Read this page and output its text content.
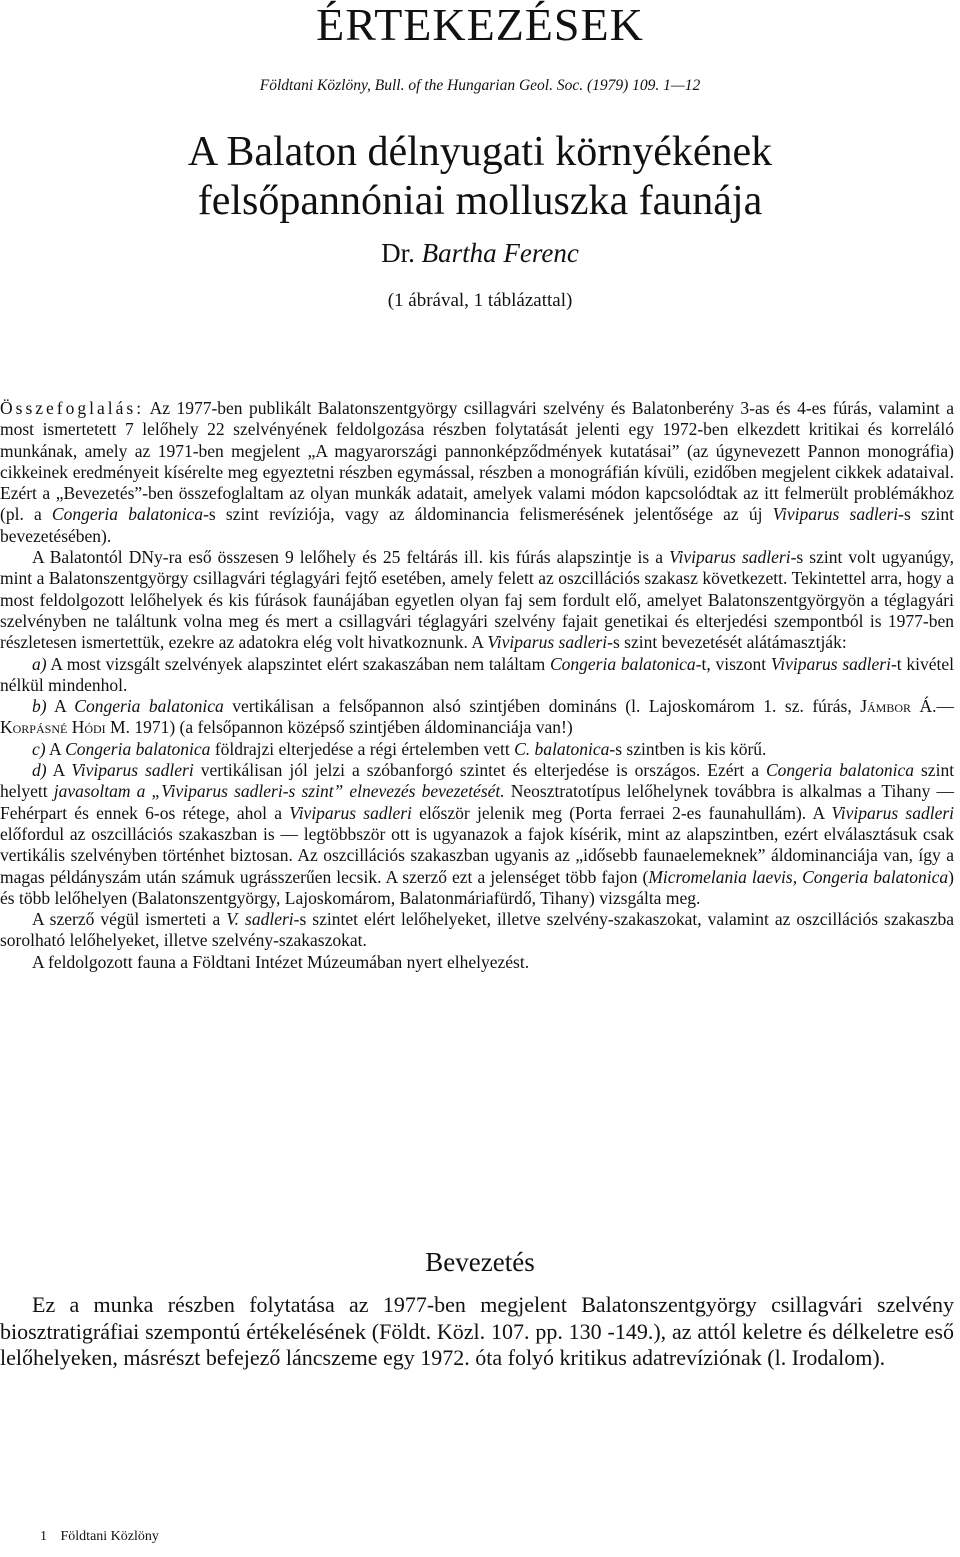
ÉRTEKEZÉSEK
Földtani Közlöny, Bull. of the Hungarian Geol. Soc. (1979) 109. 1—12
A Balaton délnyugati környékének
felsőpannóniai molluszka faunája
Dr. Bartha Ferenc
(1 ábrával, 1 táblázattal)

Összefoglalás: Az 1977-ben publikált Balatonszentgyörgy csillagvári szelvény és Balatonberény 3-as és 4-es fúrás, valamint a most ismertetett 7 lelőhely 22 szelvényének feldolgozása részben folytatását jelenti egy 1972-ben elkezdett kritikai és korreláló munkának, amely az 1971-ben megjelent „A magyarországi pannonképződmények kutatásai” (az úgynevezett Pannon monográfia) cikkeinek eredményeit kísérelte meg egyeztetni részben egymással, részben a monográfián kívüli, ezidőben megjelent cikkek adataival. Ezért a „Bevezetés”-ben összefoglaltam az olyan munkák adatait, amelyek valami módon kapcsolódtak az itt felmerült problémákhoz (pl. a Congeria balatonica-s szint revíziója, vagy az áldominancia felismerésének jelentősége az új Viviparus sadleri-s szint bevezetésében).

A Balatontól DNy-ra eső összesen 9 lelőhely és 25 feltárás ill. kis fúrás alapszintje is a Viviparus sadleri-s szint volt ugyanúgy, mint a Balatonszentgyörgy csillagvári téglagyári fejtő esetében, amely felett az oszcillációs szakasz következett. Tekintettel arra, hogy a most feldolgozott lelőhelyek és kis fúrások faunájában egyetlen olyan faj sem fordult elő, amelyet Balatonszentgyörgyön a téglagyári szelvényben ne találtunk volna meg és mert a csillagvári téglagyári szelvény fajait genetikai és elterjedési szempontból is 1977-ben részletesen ismertettük, ezekre az adatokra elég volt hivatkoznunk. A Viviparus sadleri-s szint bevezetését alátámasztják:

a) A most vizsgált szelvények alapszintet elért szakaszában nem találtam Congeria balatonica-t, viszont Viviparus sadleri-t kivétel nélkül mindenhol.

b) A Congeria balatonica vertikálisan a felsőpannon alsó szintjében domináns (l. Lajoskomárom 1. sz. fúrás, Jámbor Á.—Korpásné Hódi M. 1971) (a felsőpannon középső szintjében áldominanciája van!)

c) A Congeria balatonica földrajzi elterjedése a régi értelemben vett C. balatonica-s szintben is kis körű.

d) A Viviparus sadleri vertikálisan jól jelzi a szóbanforgó szintet és elterjedése is országos. Ezért a Congeria balatonica szint helyett javasoltam a „Viviparus sadleri-s szint” elnevezés bevezetését. Neosztratotípus lelőhelynek továbbra is alkalmas a Tihany —Fehérpart és ennek 6-os rétege, ahol a Viviparus sadleri először jelenik meg (Porta ferraei 2-es faunahullám). A Viviparus sadleri előfordul az oszcillációs szakaszban is — legtöbbször ott is ugyanazok a fajok kísérik, mint az alapszintben, ezért elválasztásuk csak vertikális szelvényben történhet biztosan. Az oszcillációs szakaszban ugyanis az „idősebb faunaelemeknek” áldominanciája van, így a magas példányszám után számuk ugrásszerűen lecsik. A szerző ezt a jelenséget több fajon (Micromelania laevis, Congeria balatonica) és több lelőhelyen (Balatonszentgyörgy, Lajoskomárom, Balatonmáriafürdő, Tihany) vizsgálta meg.

A szerző végül ismerteti a V. sadleri-s szintet elért lelőhelyeket, illetve szelvény-szakaszokat, valamint az oszcillációs szakaszba sorolható lelőhelyeket, illetve szelvény-szakaszokat.

A feldolgozott fauna a Földtani Intézet Múzeumában nyert elhelyezést.

Bevezetés

Ez a munka részben folytatása az 1977-ben megjelent Balatonszentgyörgy csillagvári szelvény biosztratigráfiai szempontú értékelésének (Földt. Közl. 107. pp. 130 -149.), az attól keletre és délkeletre eső lelőhelyeken, másrészt befejező láncszeme egy 1972. óta folyó kritikus adatrevíziónak (l. Irodalom).

1 Földtani Közlöny
